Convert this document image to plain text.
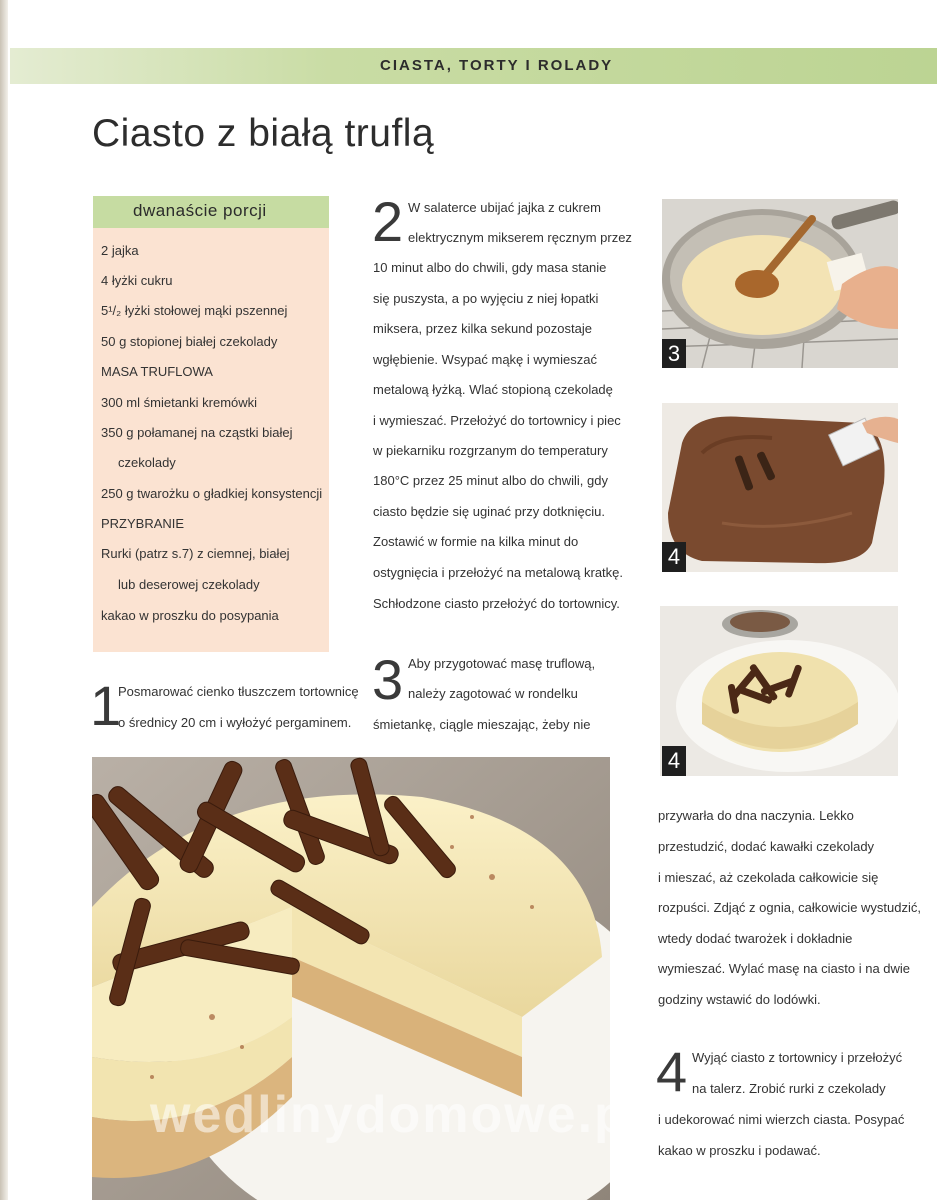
CIASTA, TORTY I ROLADY
Ciasto z białą truflą
dwanaście porcji
2 jajka
4 łyżki cukru
5¹/₂ łyżki stołowej mąki pszennej
50 g stopionej białej czekolady
MASA TRUFLOWA
300 ml śmietanki kremówki
350 g połamanej na cząstki białej
czekolady
250 g twarożku o gładkiej konsystencji
PRZYBRANIE
Rurki (patrz s.7) z ciemnej, białej
lub deserowej czekolady
kakao w proszku do posypania
1
Posmarować cienko tłuszczem tortownicę
o średnicy 20 cm i wyłożyć pergaminem.
2 W salaterce ubijać jajka z cukrem
elektrycznym mikserem ręcznym przez
10 minut albo do chwili, gdy masa stanie
się puszysta, a po wyjęciu z niej łopatki
miksera, przez kilka sekund pozostaje
wgłębienie. Wsypać mąkę i wymieszać
metalową łyżką. Wlać stopioną czekoladę
i wymieszać. Przełożyć do tortownicy i piec
w piekarniku rozgrzanym do temperatury
180°C przez 25 minut albo do chwili, gdy
ciasto będzie się uginać przy dotknięciu.
Zostawić w formie na kilka minut do
ostygnięcia i przełożyć na metalową kratkę.
Schłodzone ciasto przełożyć do tortownicy.
3 Aby przygotować masę truflową,
należy zagotować w rondelku
śmietankę, ciągle mieszając, żeby nie
przywarła do dna naczynia. Lekko
przestudzić, dodać kawałki czekolady
i mieszać, aż czekolada całkowicie się
rozpuści. Zdjąć z ognia, całkowicie wystudzić,
wtedy dodać twarożek i dokładnie
wymieszać. Wylać masę na ciasto i na dwie
godziny wstawić do lodówki.
4 Wyjąć ciasto z tortownicy i przełożyć
na talerz. Zrobić rurki z czekolady
i udekorować nimi wierzch ciasta. Posypać
kakao w proszku i podawać.
3
4
4
wedlinydomowe.pl
